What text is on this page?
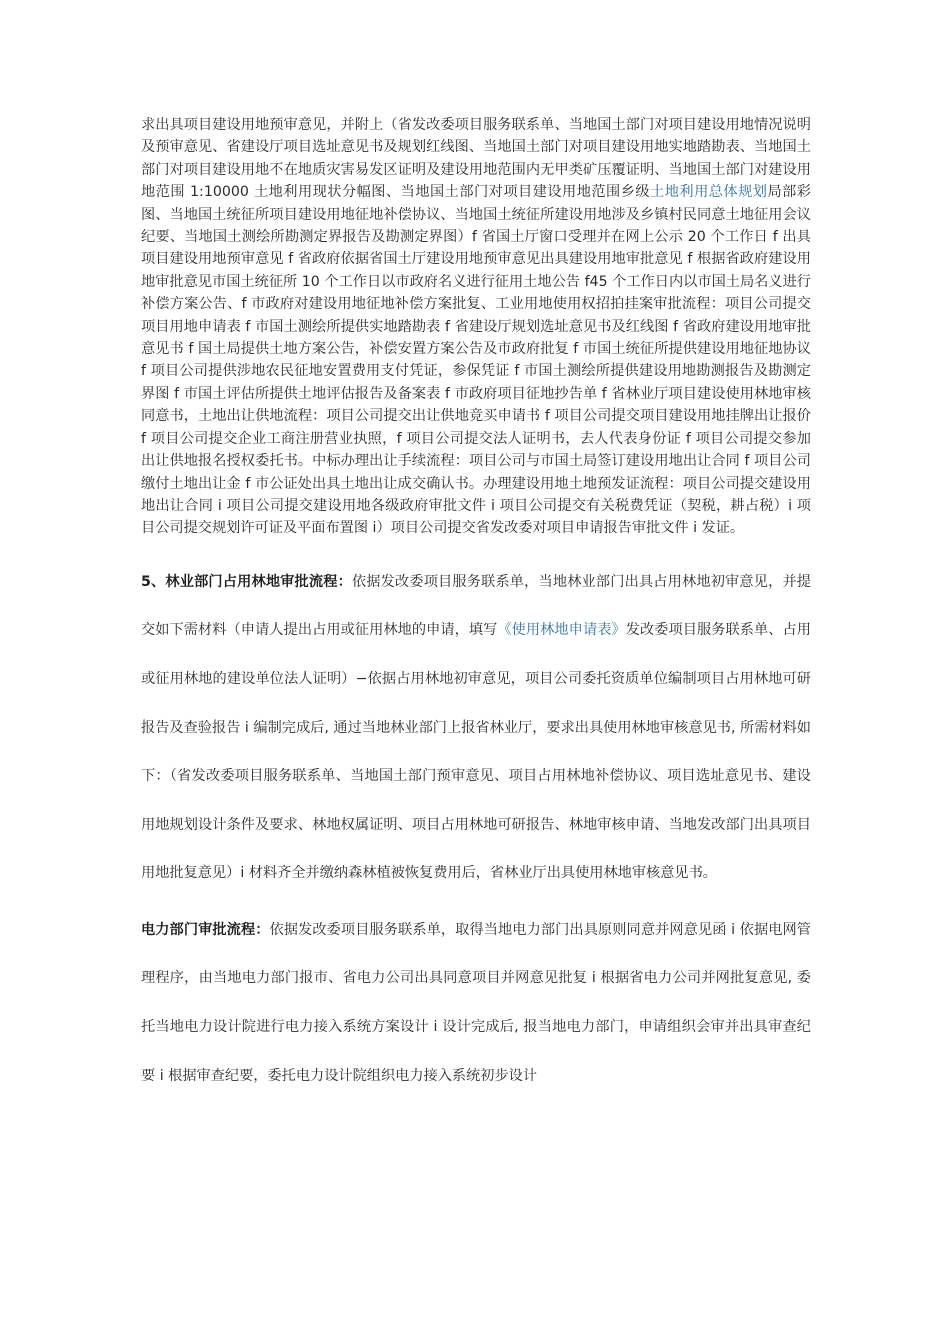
求出具项目建设用地预审意见，并附上（省发改委项目服务联系单、当地国土部门对项目建设用地情况说明及预审意见、省建设厅项目选址意见书及规划红线图、当地国土部门对项目建设用地实地踏勘表、当地国土部门对项目建设用地不在地质灾害易发区证明及建设用地范围内无甲类矿压覆证明、当地国土部门对建设用地范围 1:10000 土地利用现状分幅图、当地国土部门对项目建设用地范围乡级土地利用总体规划局部彩图、当地国土统征所项目建设用地征地补偿协议、当地国土统征所建设用地涉及乡镇村民同意土地征用会议纪要、当地国土测绘所勘测定界报告及勘测定界图）f 省国土厅窗口受理并在网上公示 20 个工作日 f 出具项目建设用地预审意见 f 省政府依据省国土厅建设用地预审意见出具建设用地审批意见 f 根据省政府建设用地审批意见市国土统征所 10 个工作日以市政府名义进行征用土地公告 f45 个工作日内以市国土局名义进行补偿方案公告、f 市政府对建设用地征地补偿方案批复、工业用地使用权招拍挂案审批流程：项目公司提交项目用地申请表 f 市国土测绘所提供实地踏勘表 f 省建设厅规划选址意见书及红线图 f 省政府建设用地审批意见书 f 国土局提供土地方案公告，补偿安置方案公告及市政府批复 f 市国土统征所提供建设用地征地协议 f 项目公司提供涉地农民征地安置费用支付凭证，参保凭证 f 市国土测绘所提供建设用地勘测报告及勘测定界图 f 市国土评估所提供土地评估报告及备案表 f 市政府项目征地抄告单 f 省林业厅项目建设使用林地审核同意书，土地出让供地流程：项目公司提交出让供地竞买申请书 f 项目公司提交项目建设用地挂牌出让报价 f 项目公司提交企业工商注册营业执照，f 项目公司提交法人证明书，去人代表身份证 f 项目公司提交参加出让供地报名授权委托书。中标办理出让手续流程：项目公司与市国土局签订建设用地出让合同 f 项目公司缴付土地出让金 f 市公证处出具土地出让成交确认书。办理建设用地土地预发证流程：项目公司提交建设用地出让合同 i 项目公司提交建设用地各级政府审批文件 i 项目公司提交有关税费凭证（契税，耕占税）i 项目公司提交规划许可证及平面布置图 i）项目公司提交省发改委对项目申请报告审批文件 i 发证。

5、林业部门占用林地审批流程：依据发改委项目服务联系单，当地林业部门出具占用林地初审意见，并提交如下需材料（申请人提出占用或征用林地的申请，填写《使用林地申请表》发改委项目服务联系单、占用或征用林地的建设单位法人证明）−依据占用林地初审意见，项目公司委托资质单位编制项目占用林地可研报告及查验报告 i 编制完成后, 通过当地林业部门上报省林业厅，要求出具使用林地审核意见书, 所需材料如下：（省发改委项目服务联系单、当地国土部门预审意见、项目占用林地补偿协议、项目选址意见书、建设用地规划设计条件及要求、林地权属证明、项目占用林地可研报告、林地审核申请、当地发改部门出具项目用地批复意见）i 材料齐全并缴纳森林植被恢复费用后，省林业厅出具使用林地审核意见书。

电力部门审批流程：依据发改委项目服务联系单，取得当地电力部门出具原则同意并网意见函 i 依据电网管理程序，由当地电力部门报市、省电力公司出具同意项目并网意见批复 i 根据省电力公司并网批复意见, 委托当地电力设计院进行电力接入系统方案设计 i 设计完成后, 报当地电力部门，申请组织会审并出具审查纪要 i 根据审查纪要，委托电力设计院组织电力接入系统初步设计
